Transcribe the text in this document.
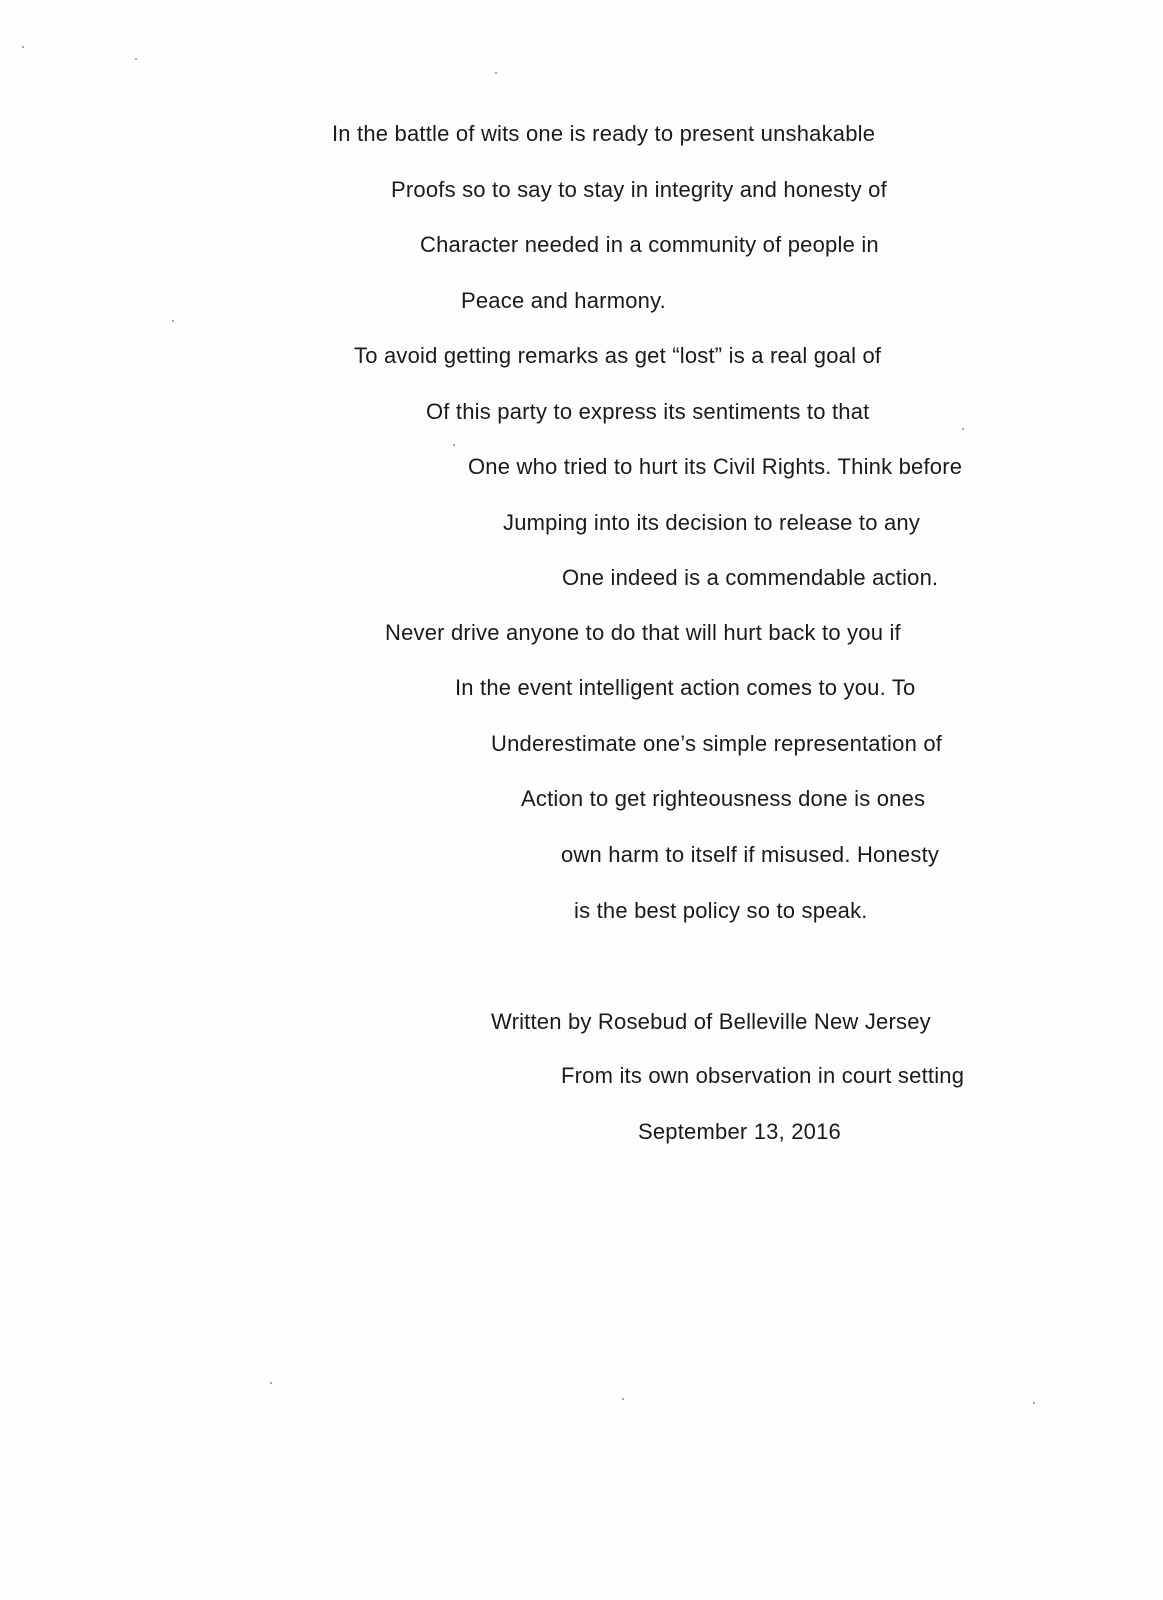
In the battle of wits one is ready to present unshakable
Proofs so to say to stay in integrity and honesty of
Character needed in a community of people in
Peace and harmony.
To avoid getting remarks as get “lost” is a real goal of
Of this party to express its sentiments to that
One who tried to hurt its Civil Rights. Think before
Jumping into its decision to release to any
One indeed is a commendable action.
Never drive anyone to do that will hurt back to you if
In the event intelligent action comes to you. To
Underestimate one’s simple representation of
Action to get righteousness done is ones
own harm to itself if misused. Honesty
is the best policy so to speak.
Written by Rosebud of Belleville New Jersey
From its own observation in court setting
September 13, 2016
